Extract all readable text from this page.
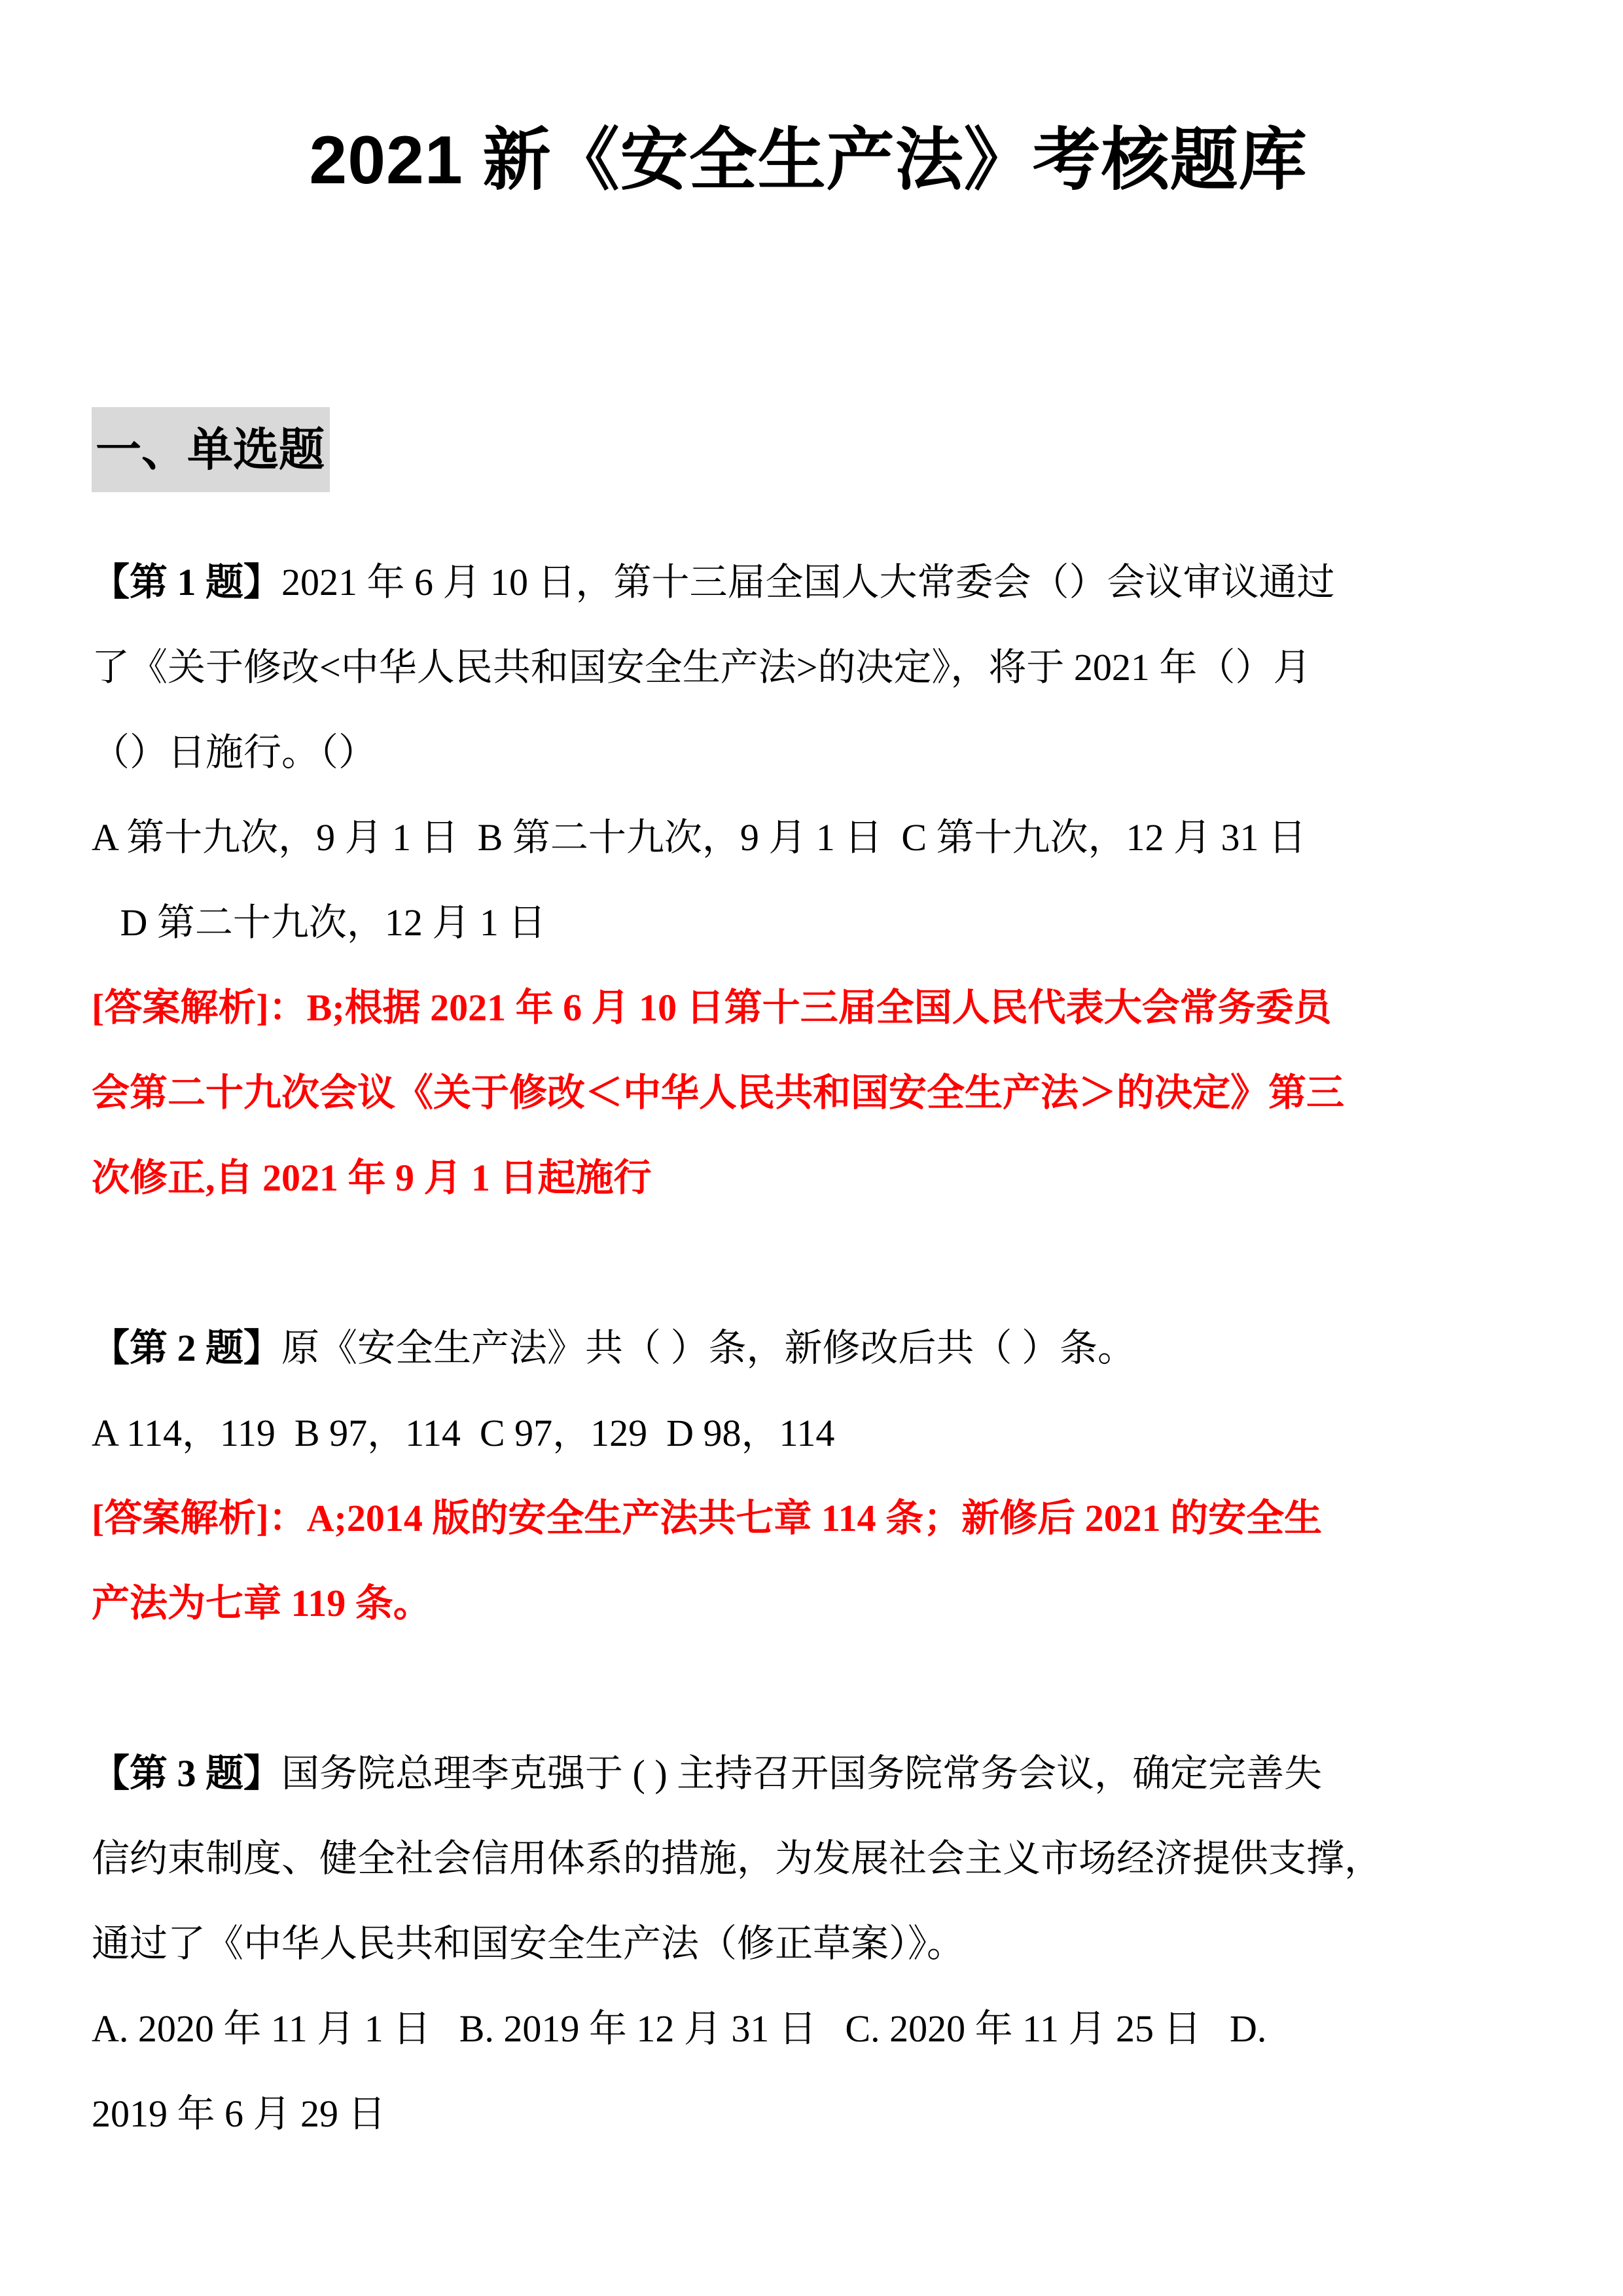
2021 新《安全生产法》考核题库
一、单选题
【第 1 题】2021 年 6 月 10 日，第十三届全国人大常委会（）会议审议通过
了《关于修改<中华人民共和国安全生产法>的决定》，将于 2021 年（）月
（）日施行。（）
A 第十九次，9 月 1 日  B 第二十九次，9 月 1 日  C 第十九次，12 月 31 日
D 第二十九次，12 月 1 日
[答案解析]：B;根据 2021 年 6 月 10 日第十三届全国人民代表大会常务委员
会第二十九次会议《关于修改＜中华人民共和国安全生产法＞的决定》第三
次修正,自 2021 年 9 月 1 日起施行
【第 2 题】原《安全生产法》共（ ）条，新修改后共（ ）条。
A 114，119  B 97，114  C 97，129  D 98，114
[答案解析]：A;2014 版的安全生产法共七章 114 条；新修后 2021 的安全生
产法为七章 119 条。
【第 3 题】国务院总理李克强于 ( ) 主持召开国务院常务会议，确定完善失
信约束制度、健全社会信用体系的措施，为发展社会主义市场经济提供支撑，
通过了《中华人民共和国安全生产法（修正草案）》。
A. 2020 年 11 月 1 日   B. 2019 年 12 月 31 日   C. 2020 年 11 月 25 日   D.
2019 年 6 月 29 日
